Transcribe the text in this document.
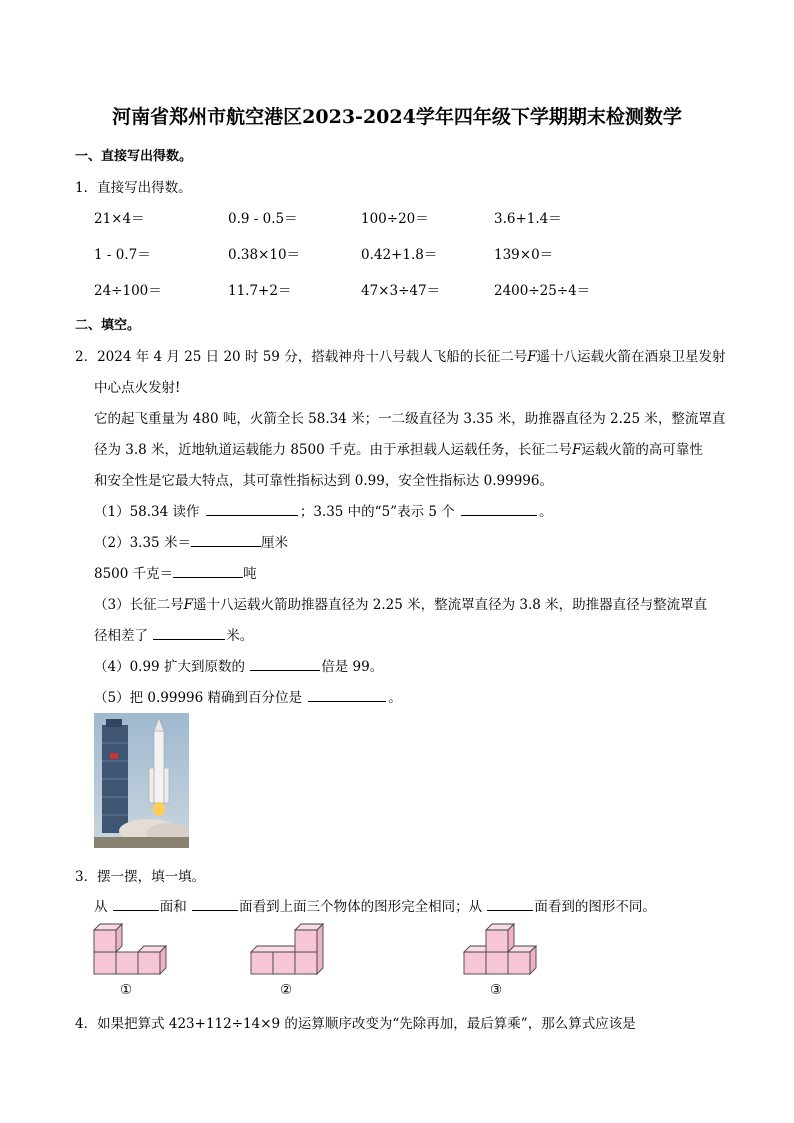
河南省郑州市航空港区2023-2024学年四年级下学期期末检测数学
一、直接写出得数。
1．直接写出得数。
21×4＝	0.9 - 0.5＝	100÷20＝	3.6+1.4＝
1 - 0.7＝	0.38×10＝	0.42+1.8＝	139×0＝
24÷100＝	11.7+2＝	47×3÷47＝	2400÷25÷4＝
二、填空。
2．2024 年 4 月 25 日 20 时 59 分，搭载神舟十八号载人飞船的长征二号𝐹遥十八运载火箭在酒泉卫星发射
中心点火发射!
它的起飞重量为 480 吨，火箭全长 58.34 米；一二级直径为 3.35 米，助推器直径为 2.25 米，整流罩直
径为 3.8 米，近地轨道运载能力 8500 千克。由于承担载人运载任务，长征二号𝐹运载火箭的高可靠性
和安全性是它最大特点，其可靠性指标达到 0.99，安全性指标达 0.99996。
（1）58.34 读作	；3.35 中的“5”表示 5 个	。
（2）3.35 米＝	厘米
8500 千克＝	吨
（3）长征二号𝐹遥十八运载火箭助推器直径为 2.25 米，整流罩直径为 3.8 米，助推器直径与整流罩直
径相差了	米。
（4）0.99 扩大到原数的	倍是 99。
（5）把 0.99996 精确到百分位是	。
3．摆一摆，填一填。
从	面和	面看到上面三个物体的图形完全相同；从	面看到的图形不同。
①	②	③
4．如果把算式 423+112÷14×9 的运算顺序改变为“先除再加，最后算乘”，那么算式应该是
